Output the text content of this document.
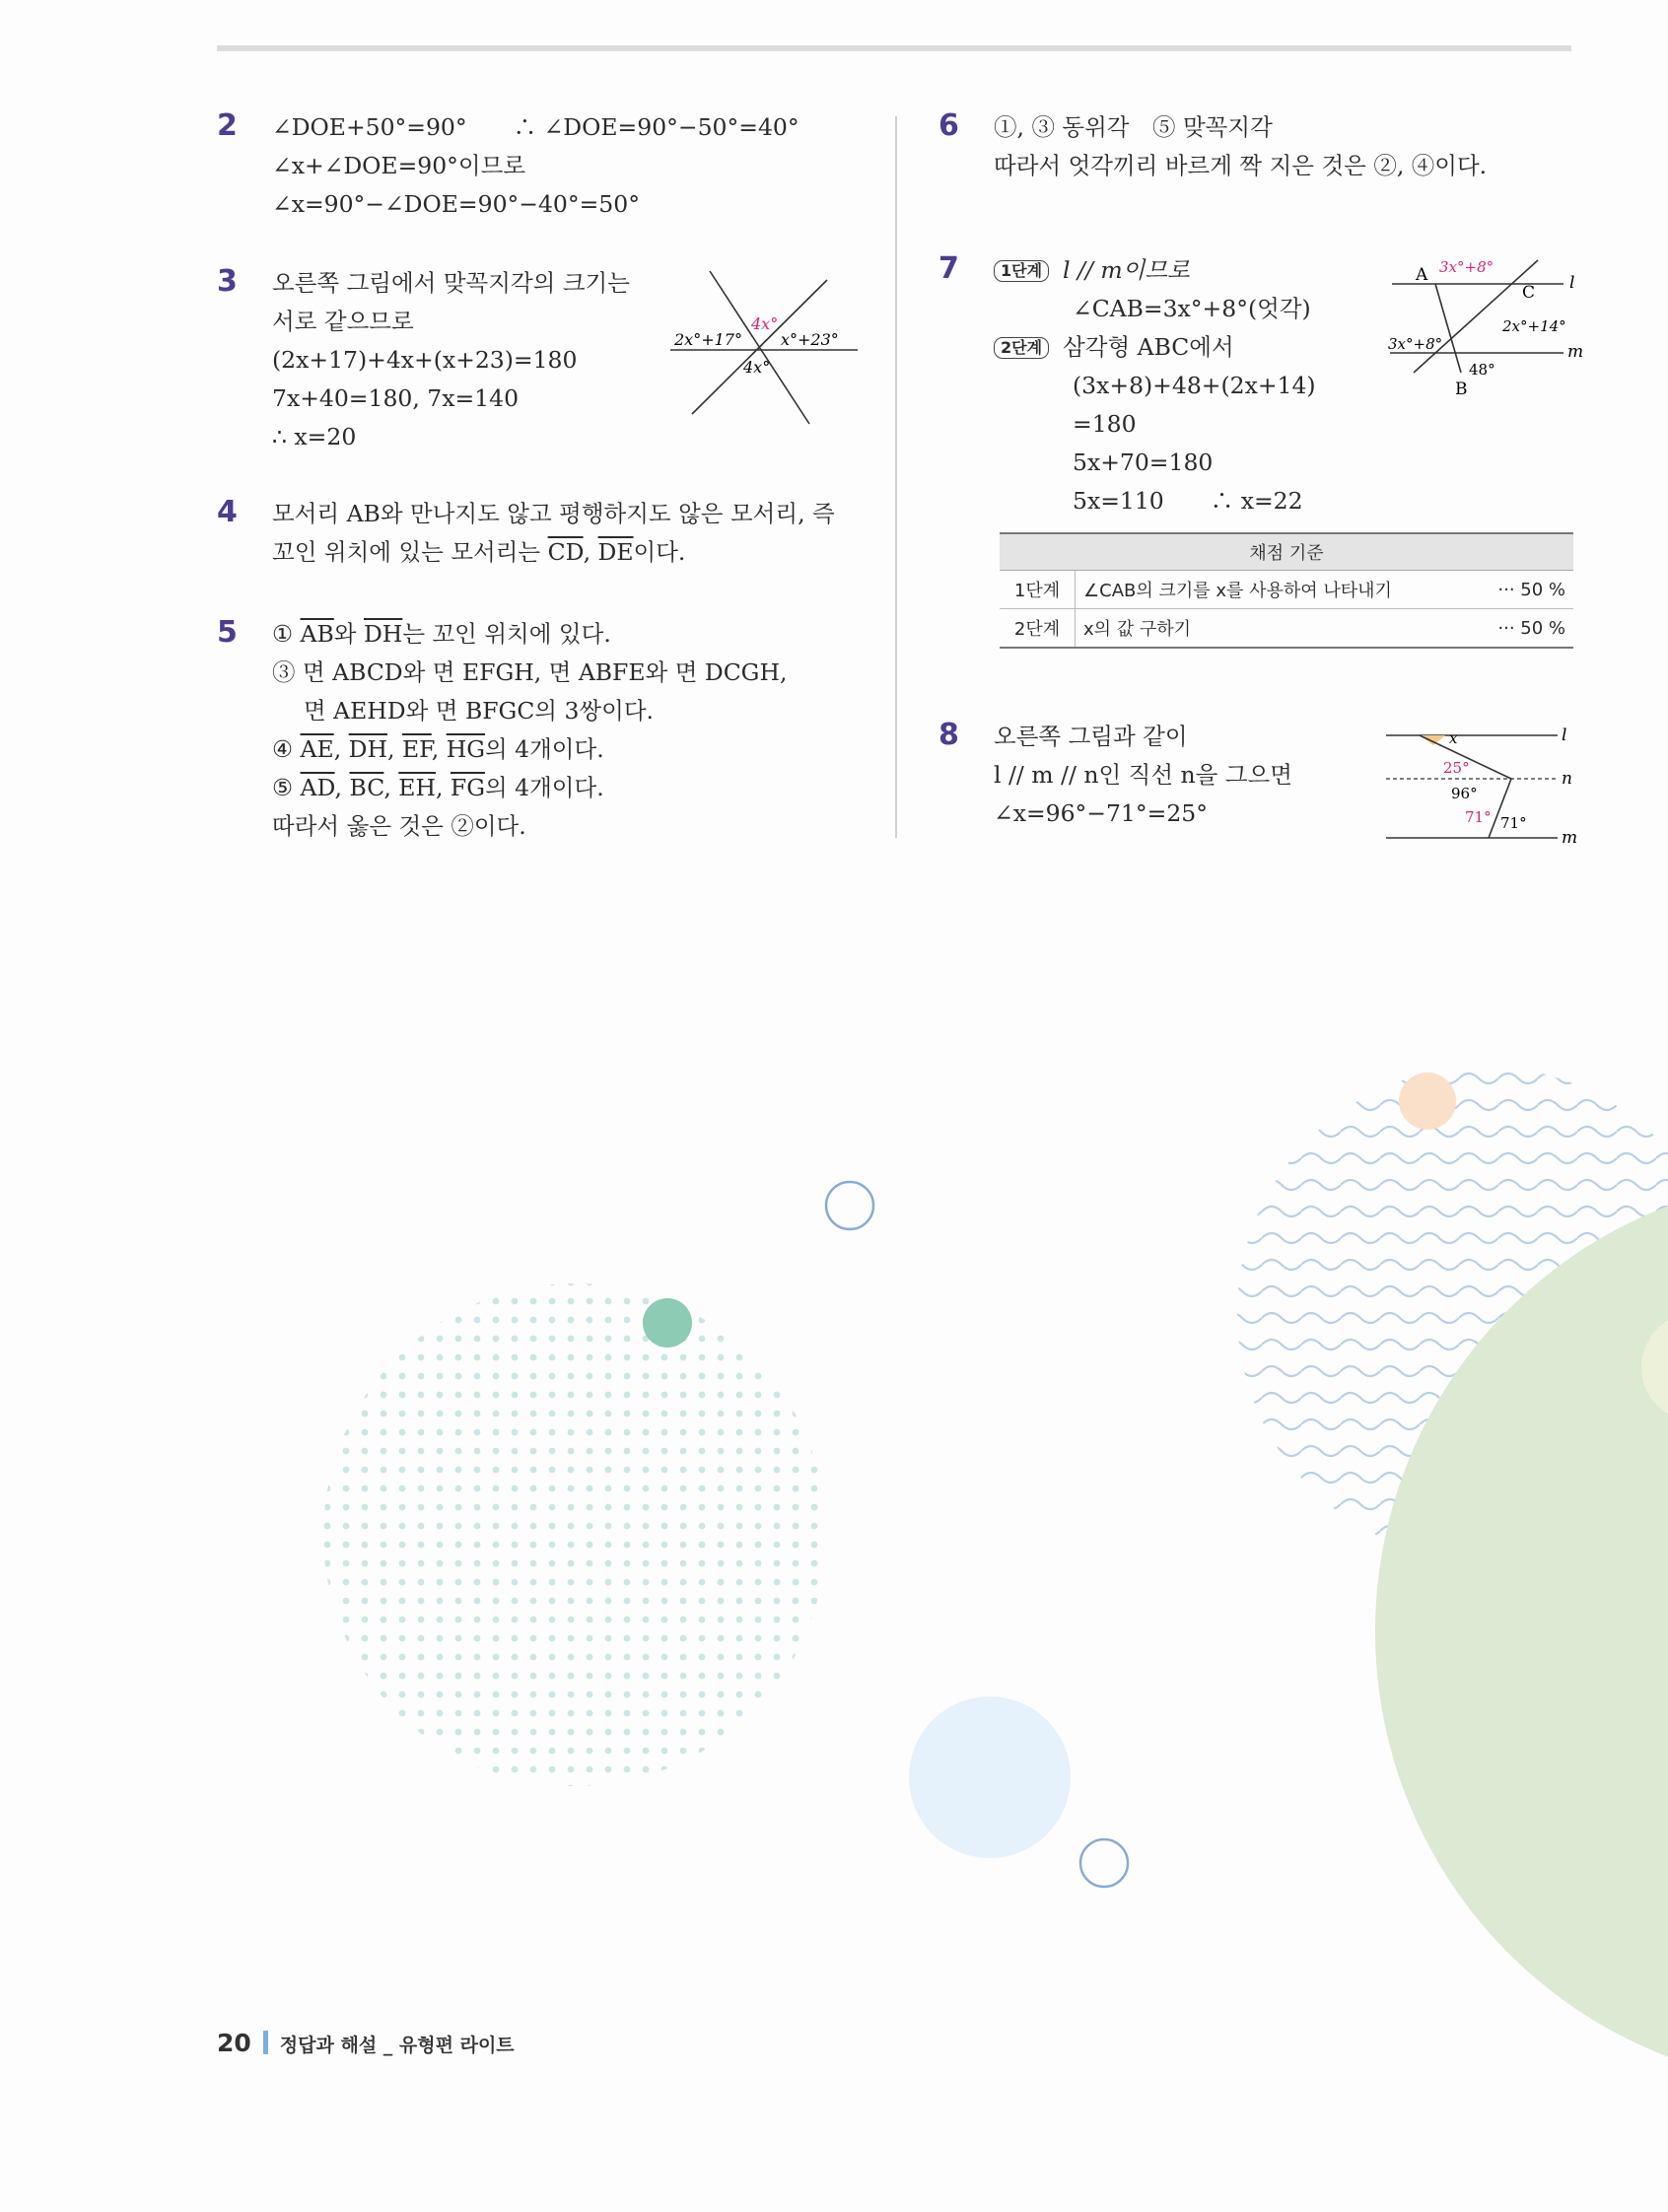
2 ∠DOE+50°=90°　　∴ ∠DOE=90°−50°=40°
∠x+∠DOE=90°이므로
∠x=90°−∠DOE=90°−40°=50°
3 오른쪽 그림에서 맞꼭지각의 크기는
서로 같으므로
(2x+17)+4x+(x+23)=180
7x+40=180, 7x=140
∴ x=20
2x°+17°
4x°
x°+23°
4x°
4 모서리 AB와 만나지도 않고 평행하지도 않은 모서리, 즉
꼬인 위치에 있는 모서리는 $\overline{CD}$, $\overline{DE}$이다.
5 ① $\overline{AB}$와 $\overline{DH}$는 꼬인 위치에 있다.
③ 면 ABCD와 면 EFGH, 면 ABFE와 면 DCGH,
면 AEHD와 면 BFGC의 3쌍이다.
④ $\overline{AE}$, $\overline{DH}$, $\overline{EF}$, $\overline{HG}$의 4개이다.
⑤ $\overline{AD}$, $\overline{BC}$, $\overline{EH}$, $\overline{FG}$의 4개이다.
따라서 옳은 것은 ②이다.
6 ①, ③ 동위각　⑤ 맞꼭지각
따라서 엇각끼리 바르게 짝 지은 것은 ②, ④이다.
7	1단계 l // m이므로
∠CAB=3x°+8°(엇각)
2단계 삼각형 ABC에서
(3x+8)+48+(2x+14)
=180
5x+70=180
5x=110　　∴ x=22
A
C
B
l
m
3x°+8°
2x°+14°
3x°+8°
48°
채점 기준		
1단계	∠CAB의 크기를 x를 사용하여 나타내기	··· 50 %
2단계	x의 값 구하기	··· 50 %
8 오른쪽 그림과 같이
l // m // n인 직선 n을 그으면
∠x=96°−71°=25°
x
25°
96°
71° 71°
l
n
m
20 정답과 해설 _ 유형편 라이트
